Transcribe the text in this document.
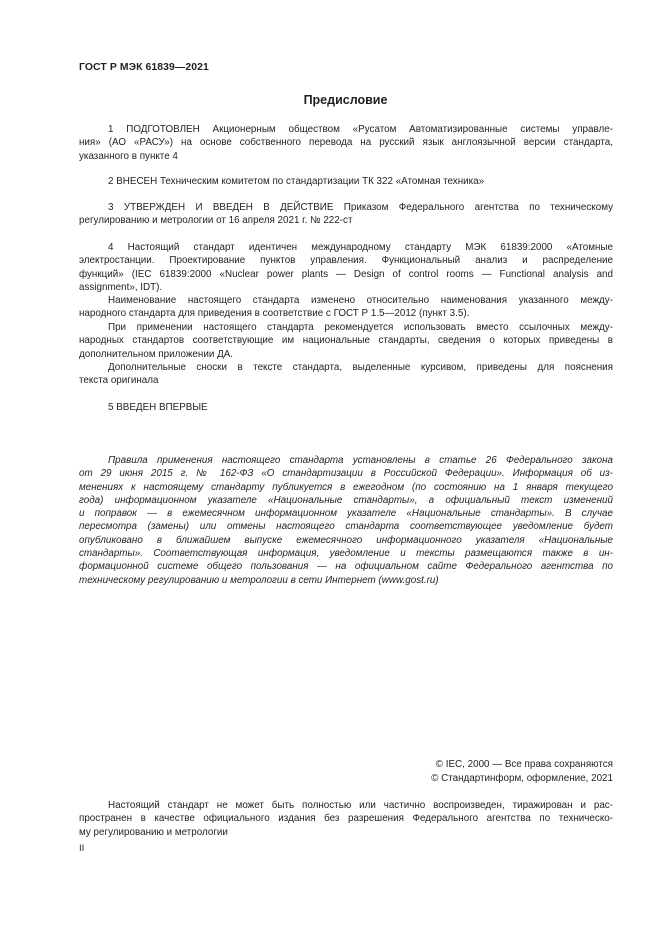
ГОСТ Р МЭК 61839—2021
Предисловие
1 ПОДГОТОВЛЕН Акционерным обществом «Русатом Автоматизированные системы управле-
ния» (АО «РАСУ») на основе собственного перевода на русский язык англоязычной версии стандарта,
указанного в пункте 4
2 ВНЕСЕН Техническим комитетом по стандартизации ТК 322 «Атомная техника»
3 УТВЕРЖДЕН И ВВЕДЕН В ДЕЙСТВИЕ Приказом Федерального агентства по техническому
регулированию и метрологии от 16 апреля 2021 г. № 222-ст
4 Настоящий стандарт идентичен международному стандарту МЭК 61839:2000 «Атомные
электростанции. Проектирование пунктов управления. Функциональный анализ и распределение
функций» (IEC 61839:2000 «Nuclear power plants — Design of control rooms — Functional analysis and
assignment», IDT).
Наименование настоящего стандарта изменено относительно наименования указанного между-
народного стандарта для приведения в соответствие с ГОСТ Р 1.5—2012 (пункт 3.5).
При применении настоящего стандарта рекомендуется использовать вместо ссылочных между-
народных стандартов соответствующие им национальные стандарты, сведения о которых приведены в
дополнительном приложении ДА.
Дополнительные сноски в тексте стандарта, выделенные курсивом, приведены для пояснения
текста оригинала
5 ВВЕДЕН ВПЕРВЫЕ
Правила применения настоящего стандарта установлены в статье 26 Федерального закона
от 29 июня 2015 г. № 162-ФЗ «О стандартизации в Российской Федерации». Информация об из-
менениях к настоящему стандарту публикуется в ежегодном (по состоянию на 1 января текущего
года) информационном указателе «Национальные стандарты», а официальный текст изменений
и поправок — в ежемесячном информационном указателе «Национальные стандарты». В случае
пересмотра (замены) или отмены настоящего стандарта соответствующее уведомление будет
опубликовано в ближайшем выпуске ежемесячного информационного указателя «Национальные
стандарты». Соответствующая информация, уведомление и тексты размещаются также в ин-
формационной системе общего пользования — на официальном сайте Федерального агентства по
техническому регулированию и метрологии в сети Интернет (www.gost.ru)
© IEC, 2000 — Все права сохраняются
© Стандартинформ, оформление, 2021
Настоящий стандарт не может быть полностью или частично воспроизведен, тиражирован и рас-
пространен в качестве официального издания без разрешения Федерального агентства по техническо-
му регулированию и метрологии
II
